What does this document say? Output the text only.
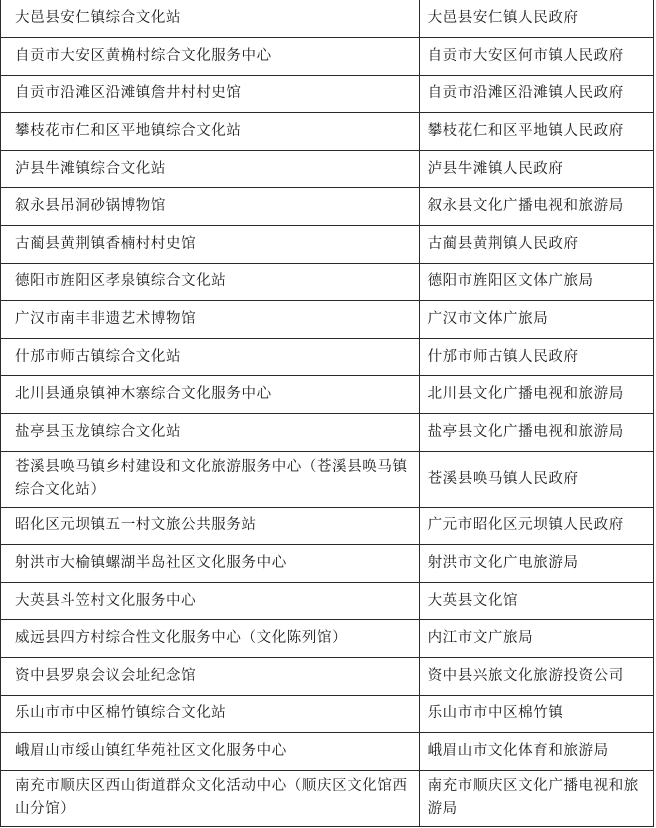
大邑县安仁镇综合文化站	大邑县安仁镇人民政府
自贡市大安区黄桷村综合文化服务中心	自贡市大安区何市镇人民政府
自贡市沿滩区沿滩镇詹井村村史馆	自贡市沿滩区沿滩镇人民政府
攀枝花市仁和区平地镇综合文化站	攀枝花仁和区平地镇人民政府
泸县牛滩镇综合文化站	泸县牛滩镇人民政府
叙永县吊洞砂锅博物馆	叙永县文化广播电视和旅游局
古蔺县黄荆镇香楠村村史馆	古蔺县黄荆镇人民政府
德阳市旌阳区孝泉镇综合文化站	德阳市旌阳区文体广旅局
广汉市南丰非遗艺术博物馆	广汉市文体广旅局
什邡市师古镇综合文化站	什邡市师古镇人民政府
北川县通泉镇神木寨综合文化服务中心	北川县文化广播电视和旅游局
盐亭县玉龙镇综合文化站	盐亭县文化广播电视和旅游局
苍溪县唤马镇乡村建设和文化旅游服务中心（苍溪县唤马镇综合文化站）	苍溪县唤马镇人民政府
昭化区元坝镇五一村文旅公共服务站	广元市昭化区元坝镇人民政府
射洪市大榆镇螺湖半岛社区文化服务中心	射洪市文化广电旅游局
大英县斗笠村文化服务中心	大英县文化馆
威远县四方村综合性文化服务中心（文化陈列馆）	内江市文广旅局
资中县罗泉会议会址纪念馆	资中县兴旅文化旅游投资公司
乐山市市中区棉竹镇综合文化站	乐山市市中区棉竹镇
峨眉山市绥山镇红华苑社区文化服务中心	峨眉山市文化体育和旅游局
南充市顺庆区西山街道群众文化活动中心（顺庆区文化馆西山分馆）	南充市顺庆区文化广播电视和旅游局
